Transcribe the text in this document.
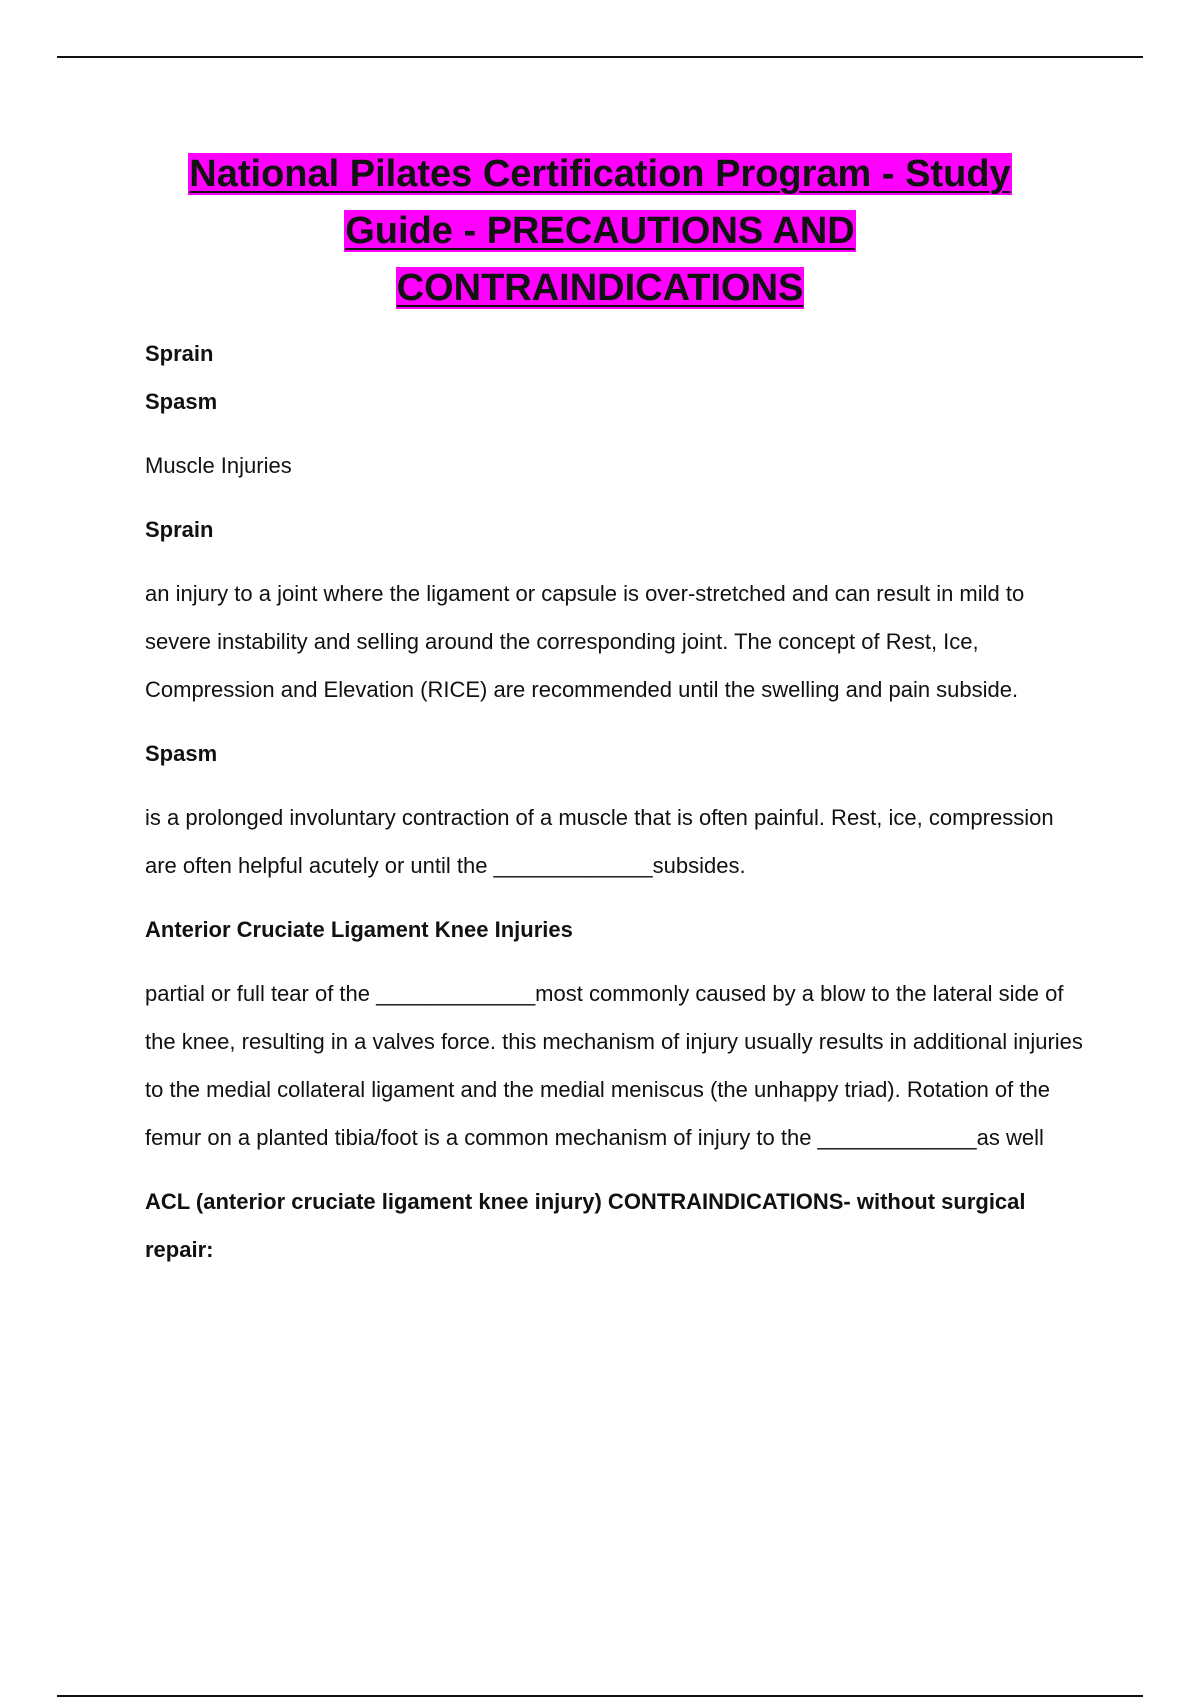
National Pilates Certification Program - Study
Guide - PRECAUTIONS AND
CONTRAINDICATIONS

Sprain

Spasm

Muscle Injuries

Sprain

an injury to a joint where the ligament or capsule is over-stretched and can result in mild to severe instability and selling around the corresponding joint. The concept of Rest, Ice, Compression and Elevation (RICE) are recommended until the swelling and pain subside.

Spasm

is a prolonged involuntary contraction of a muscle that is often painful. Rest, ice, compression are often helpful acutely or until the _____________subsides.

Anterior Cruciate Ligament Knee Injuries

partial or full tear of the _____________most commonly caused by a blow to the lateral side of the knee, resulting in a valves force. this mechanism of injury usually results in additional injuries to the medial collateral ligament and the medial meniscus (the unhappy triad). Rotation of the femur on a planted tibia/foot is a common mechanism of injury to the _____________as well

ACL (anterior cruciate ligament knee injury) CONTRAINDICATIONS- without surgical repair:
